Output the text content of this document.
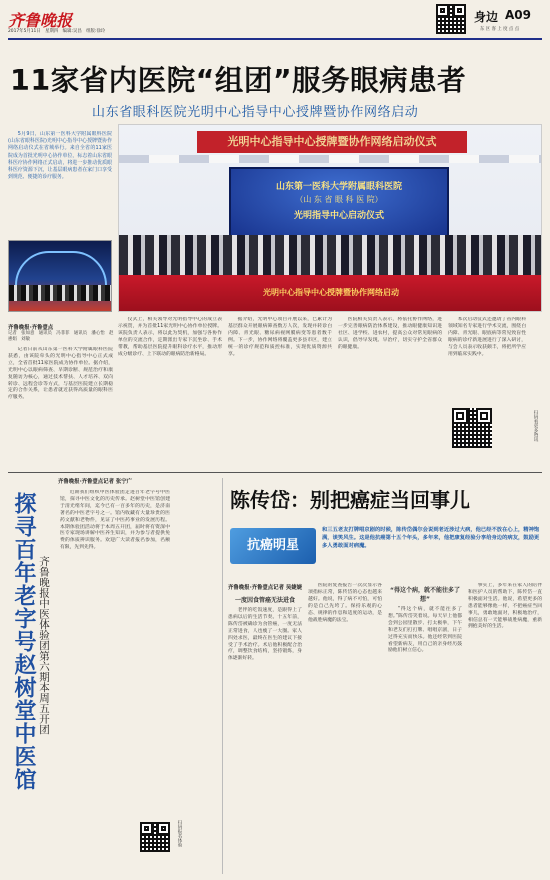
齐鲁晚报
2017年5月11日　星期四　编辑:吴昌　组版:徐玲
身边 A09
东 区 客 上 度 点 点
11家省内医院“组团”服务眼病患者
山东省眼科医院光明中心指导中心授牌暨协作网络启动

5月9日，山东第一医科大学附属眼科医院(山东省眼科医院)光明中心指导中心授牌暨协作网络启动仪式在省城举行。来自全省的11家医院成为首批光明中心协作单位，标志着山东省眼科医疗协作网络正式启动，将进一步推动优质眼科医疗资源下沉，让基层眼病患者在家门口享受到规范、便捷的诊疗服务。

光明中心指导中心授牌暨协作网络启动仪式
山东第一医科大学附属眼科医院
（山 东 省 眼 科 医 院）
光明指导中心启动仪式
光明中心指导中心授牌暨协作网络启动
齐鲁晚报·齐鲁壹点
记者　张如意　通讯员　冯菲菲　通讯员　潘心怡　赵惠娟　刘敏

记者日前从山东第一医科大学附属眼科医院获悉，由该院牵头的光明中心指导中心正式成立，全省首批11家医院成为协作单位。据介绍，光明中心以眼病筛查、早期诊断、规范治疗和康复随访为核心，通过技术帮扶、人才培养、双向转诊、远程会诊等方式，与基层医院建立长期稳定的合作关系，让患者就近获得高质量的眼科医疗服务。

仪式上，相关领导对光明指导中心的成立表示祝贺，并为首批11家光明中心协作单位授牌。该院负责人表示，将以此为契机，加强与各协作单位的交流合作，定期派出专家下沉坐诊、手术带教，帮助基层医院提升眼科诊疗水平，推动形成分级诊疗、上下联动的眼病防治新格局。

据介绍，光明中心项目开展以来，已累计为基层群众开展眼病筛查数万人次，发现并转诊白内障、青光眼、糖尿病视网膜病变等患者数千例。下一步，协作网络将覆盖更多县市区，建立统一的诊疗规范和质控标准，实现优质资源共享。

医院相关负责人表示，将依托协作网络，进一步完善眼病防治体系建设，推动眼健康知识进社区、进学校、进农村，提高公众对常见眼病的认识，倡导早发现、早治疗，切实守护全省群众的眼健康。

本次启动仪式还邀请了省内眼科领域知名专家进行学术交流，围绕白内障、青光眼、眼底病等常见致盲性眼病的诊疗新进展进行了深入研讨，与会人员表示收获颇丰，将把所学应用到临床实践中。

扫码看更多资讯
齐鲁晚报·齐鲁壹点记者 张宁广
探寻百年老字号赵树堂中医馆 齐鲁晚报中医体验团第六期本周五开团

近期我们组织中医体验团走进百年老字号中医馆，探寻中医文化的历史传承。赵树堂中医馆创建于清光绪年间，迄今已有一百多年的历史，是济南著名的中医老字号之一。馆内收藏有大量珍贵的医药文献和老物件，见证了中医药事业的发展历程。本期体验团活动将于本周五开团，届时将有资深中医专家现场讲解中医养生知识，并为参与者提供免费的体质辨识服务。欢迎广大读者报名参加，名额有限，先到先得。

扫码报名体验
陈传岱：别把癌症当回事儿
抗癌明星
和三五老友打牌唱京剧的时候，陈传岱偶尔会说到老近涉过大病，他已经不放在心上，精神饱满，谈笑风生。这是他抗癌第十五个年头，多年来，他把康复经验分享给身边的病友，鼓励更多人勇敢面对病魔。
齐鲁晚报·齐鲁壹点记者 吴婕婕

一度因食管癌无法进食

老伴的吃饭速度，是跟得上了患病以后的生活节奏。十五年前，陈传岱被确诊为食管癌，一度无法正常进食，人也瘦了一大圈。家人四处求医，最终在医生的建议下接受了手术治疗。术后他积极配合治疗，调整饮食结构，坚持锻炼，身体逐渐好转。

医院的复查报告一次次显示各项指标正常，陈传岱的心态也越来越好。他说，得了病不可怕，可怕的是自己先垮了。保持乐观的心态、规律的作息和适度的运动，是他战胜病魔的法宝。

“得这个病，就不能往多了想”

“得这个病，就不能往多了想。”陈传岱笑着说。每天早上他都会到公园里散步、打太极拳，下午和老友们打打牌、唱唱京剧，日子过得充实而快乐。他还经常到医院看望新病友，用自己的亲身经历鼓励他们树立信心。

事实上，多年来在家人的陪伴和医护人员的帮助下，陈传岱一直积极面对生活。他说，希望更多的患者能够像他一样，不把癌症当回事儿，勇敢地面对，积极地治疗，相信总有一天能够战胜病魔，重新拥抱美好的生活。
